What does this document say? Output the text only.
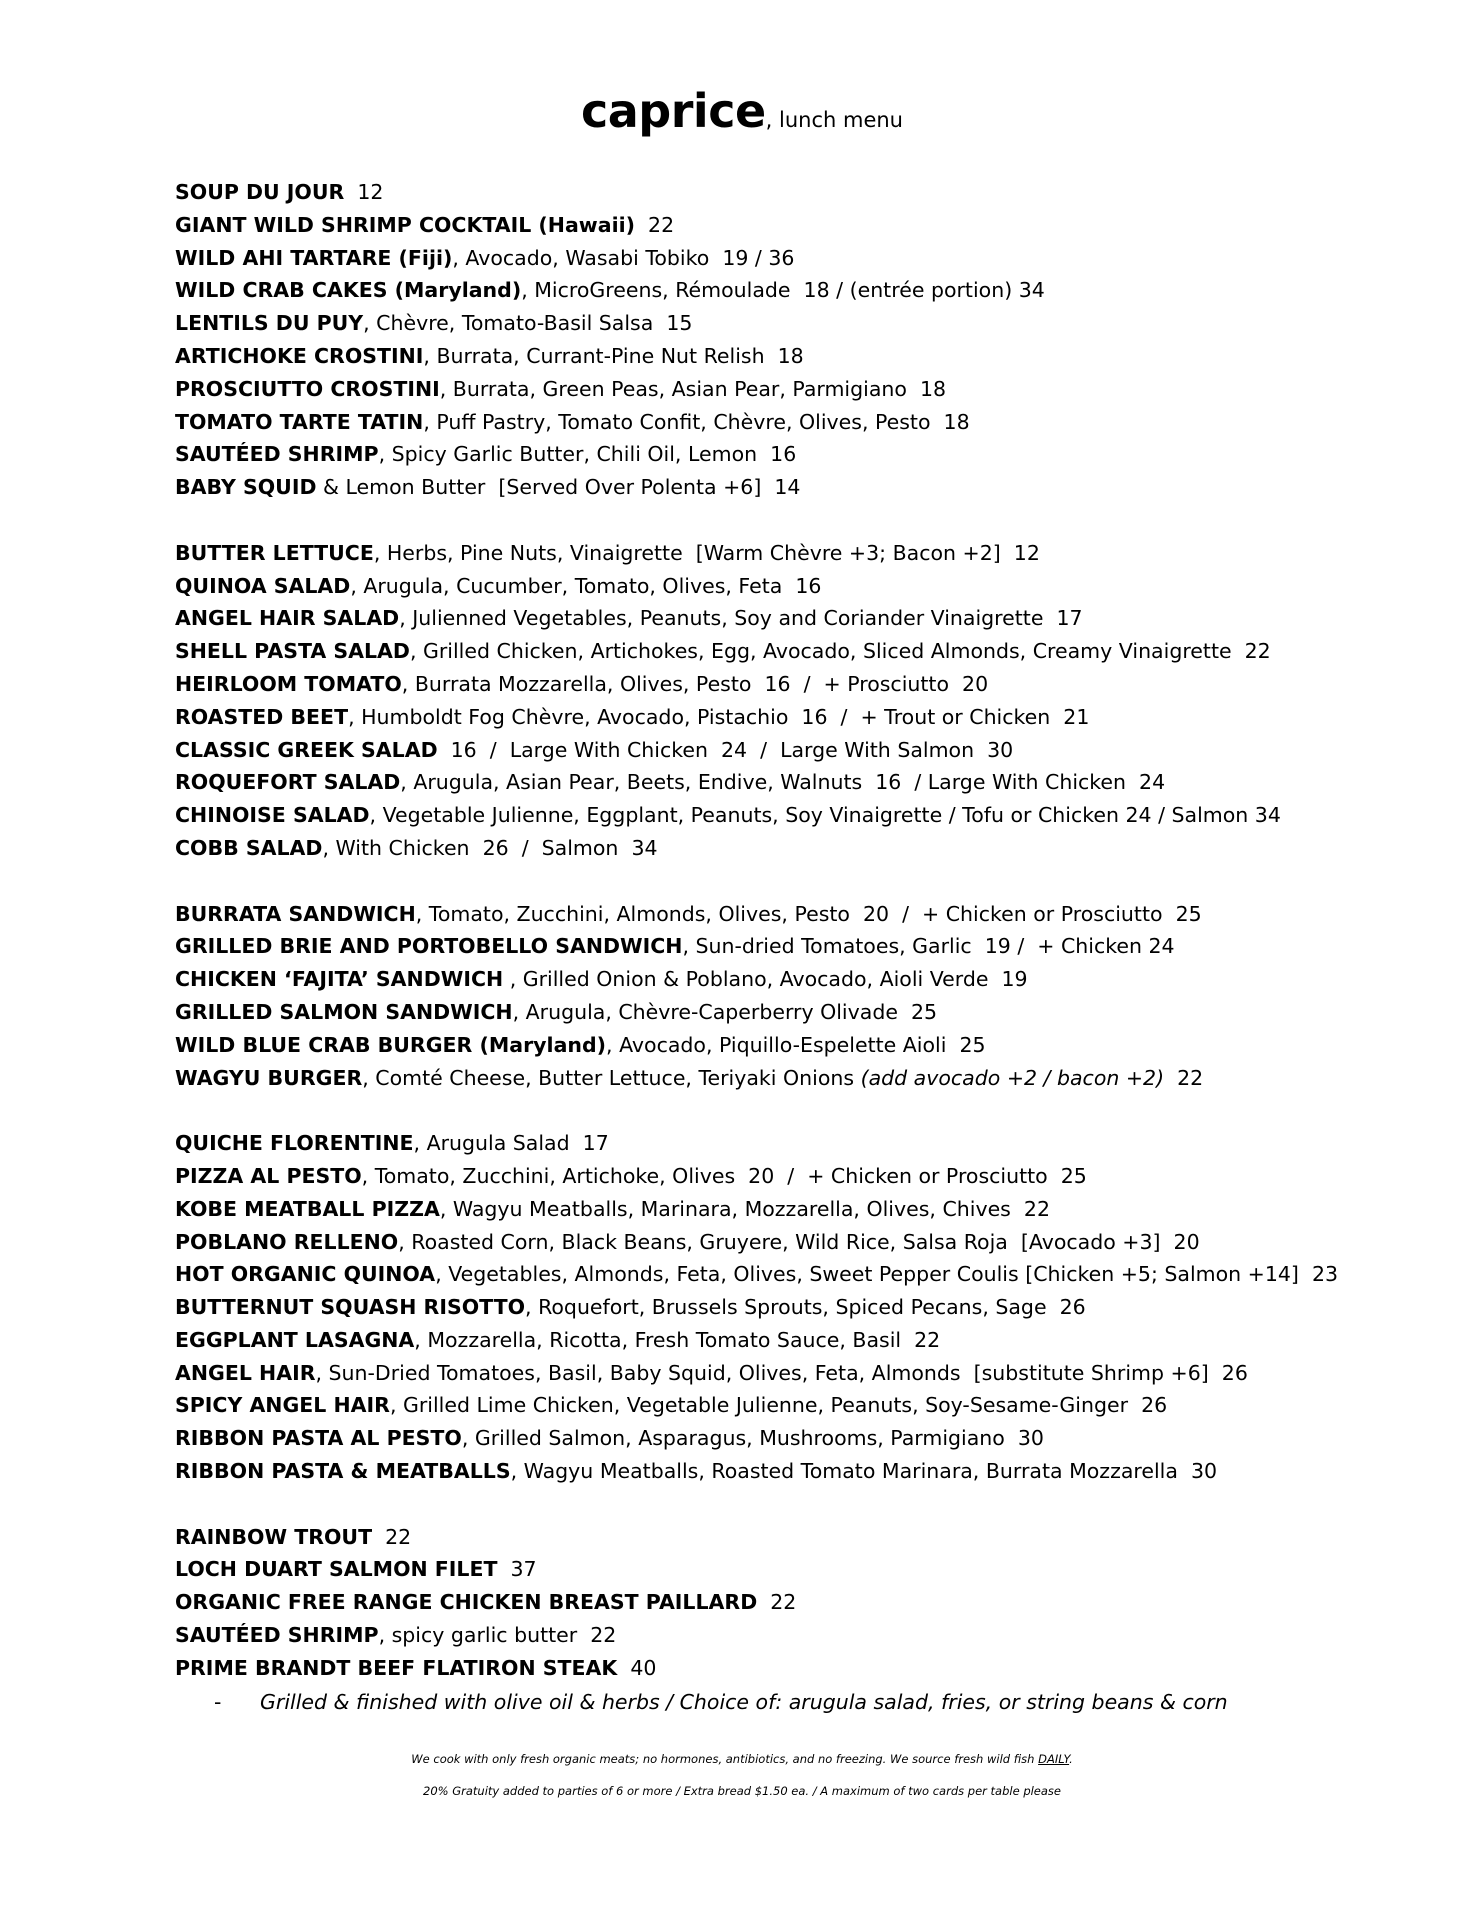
caprice, lunch menu
SOUP DU JOUR  12
GIANT WILD SHRIMP COCKTAIL (Hawaii)  22
WILD AHI TARTARE (Fiji), Avocado, Wasabi Tobiko  19 / 36
WILD CRAB CAKES (Maryland), MicroGreens, Rémoulade  18 / (entrée portion) 34
LENTILS DU PUY, Chèvre, Tomato-Basil Salsa  15
ARTICHOKE CROSTINI, Burrata, Currant-Pine Nut Relish  18
PROSCIUTTO CROSTINI, Burrata, Green Peas, Asian Pear, Parmigiano  18
TOMATO TARTE TATIN, Puff Pastry, Tomato Confit, Chèvre, Olives, Pesto  18
SAUTÉED SHRIMP, Spicy Garlic Butter, Chili Oil, Lemon  16
BABY SQUID & Lemon Butter  [Served Over Polenta +6]  14
BUTTER LETTUCE, Herbs, Pine Nuts, Vinaigrette  [Warm Chèvre +3; Bacon +2]  12
QUINOA SALAD, Arugula, Cucumber, Tomato, Olives, Feta  16
ANGEL HAIR SALAD, Julienned Vegetables, Peanuts, Soy and Coriander Vinaigrette  17
SHELL PASTA SALAD, Grilled Chicken, Artichokes, Egg, Avocado, Sliced Almonds, Creamy Vinaigrette  22
HEIRLOOM TOMATO, Burrata Mozzarella, Olives, Pesto  16  /  + Prosciutto  20
ROASTED BEET, Humboldt Fog Chèvre, Avocado, Pistachio  16  /  + Trout or Chicken  21
CLASSIC GREEK SALAD  16  /  Large With Chicken  24  /  Large With Salmon  30
ROQUEFORT SALAD, Arugula, Asian Pear, Beets, Endive, Walnuts  16  / Large With Chicken  24
CHINOISE SALAD, Vegetable Julienne, Eggplant, Peanuts, Soy Vinaigrette / Tofu or Chicken 24 / Salmon 34
COBB SALAD, With Chicken  26  /  Salmon  34
BURRATA SANDWICH, Tomato, Zucchini, Almonds, Olives, Pesto  20  /  + Chicken or Prosciutto  25
GRILLED BRIE AND PORTOBELLO SANDWICH, Sun-dried Tomatoes, Garlic  19 /  + Chicken 24
CHICKEN ‘FAJITA’ SANDWICH , Grilled Onion & Poblano, Avocado, Aioli Verde  19
GRILLED SALMON SANDWICH, Arugula, Chèvre-Caperberry Olivade  25
WILD BLUE CRAB BURGER (Maryland), Avocado, Piquillo-Espelette Aioli  25
WAGYU BURGER, Comté Cheese, Butter Lettuce, Teriyaki Onions (add avocado +2 / bacon +2)  22
QUICHE FLORENTINE, Arugula Salad  17
PIZZA AL PESTO, Tomato, Zucchini, Artichoke, Olives  20  /  + Chicken or Prosciutto  25
KOBE MEATBALL PIZZA, Wagyu Meatballs, Marinara, Mozzarella, Olives, Chives  22
POBLANO RELLENO, Roasted Corn, Black Beans, Gruyere, Wild Rice, Salsa Roja  [Avocado +3]  20
HOT ORGANIC QUINOA, Vegetables, Almonds, Feta, Olives, Sweet Pepper Coulis [Chicken +5; Salmon +14]  23
BUTTERNUT SQUASH RISOTTO, Roquefort, Brussels Sprouts, Spiced Pecans, Sage  26
EGGPLANT LASAGNA, Mozzarella, Ricotta, Fresh Tomato Sauce, Basil  22
ANGEL HAIR, Sun-Dried Tomatoes, Basil, Baby Squid, Olives, Feta, Almonds  [substitute Shrimp +6]  26
SPICY ANGEL HAIR, Grilled Lime Chicken, Vegetable Julienne, Peanuts, Soy-Sesame-Ginger  26
RIBBON PASTA AL PESTO, Grilled Salmon, Asparagus, Mushrooms, Parmigiano  30
RIBBON PASTA & MEATBALLS, Wagyu Meatballs, Roasted Tomato Marinara, Burrata Mozzarella  30
RAINBOW TROUT  22
LOCH DUART SALMON FILET  37
ORGANIC FREE RANGE CHICKEN BREAST PAILLARD  22
SAUTÉED SHRIMP, spicy garlic butter  22
PRIME BRANDT BEEF FLATIRON STEAK  40
- Grilled & finished with olive oil & herbs / Choice of: arugula salad, fries, or string beans & corn
We cook with only fresh organic meats; no hormones, antibiotics, and no freezing. We source fresh wild fish DAILY.
20% Gratuity added to parties of 6 or more / Extra bread $1.50 ea. / A maximum of two cards per table please
